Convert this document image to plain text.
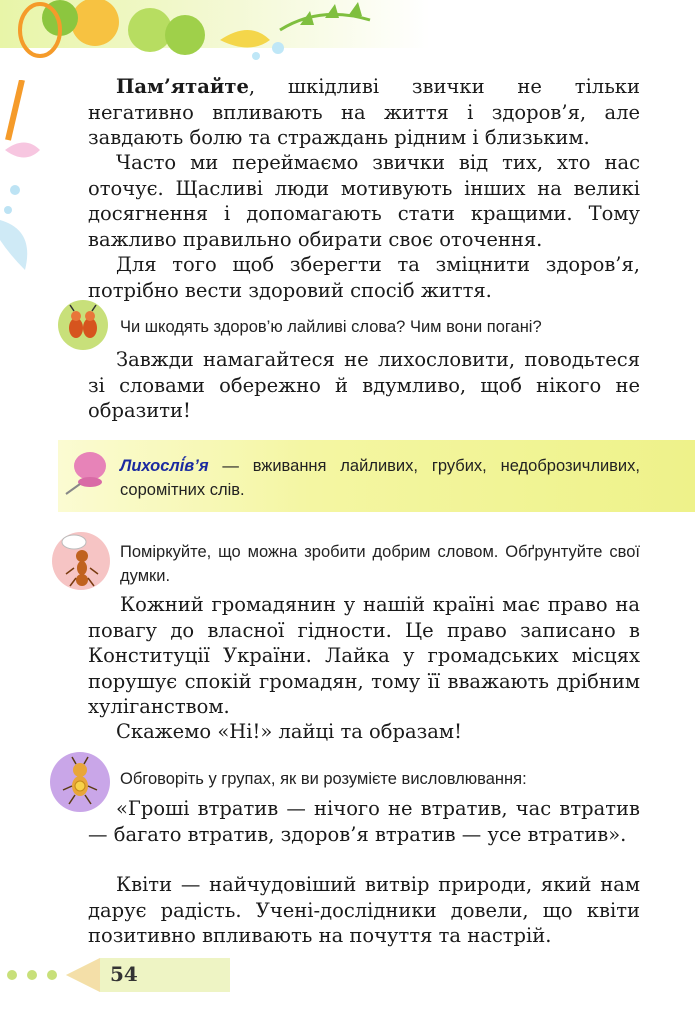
Пам’ятайте, шкідливі звички не тільки негативно впливають на життя і здоров’я, але завдають болю та страждань рідним і близьким.

Часто ми переймаємо звички від тих, хто нас оточує. Щасливі люди мотивують інших на великі досягнення і допомагають стати кращими. Тому важливо правильно обирати своє оточення.

Для того щоб зберегти та зміцнити здоров’я, потрібно вести здоровий спосіб життя.

Чи шкодять здоров’ю лайливі слова? Чим вони погані?

Завжди намагайтеся не лихословити, поводьтеся зі словами обережно й вдумливо, щоб нікого не образити!

Лихослі́в’я — вживання лайливих, грубих, недоброзичливих, соромітних слів.

Поміркуйте, що можна зробити добрим словом. Обґрунтуйте свої думки.

Кожний громадянин у нашій країні має право на повагу до власної гідности. Це право записано в Конституції України. Лайка у громадських місцях порушує спокій громадян, тому її вважають дрібним хуліганством.

Скажемо «Ні!» лайці та образам!

Обговоріть у групах, як ви розумієте висловлювання:

«Гроші втратив — нічого не втратив, час втратив — багато втратив, здоров’я втратив — усе втратив».

Квіти — найчудовіший витвір природи, який нам дарує радість. Учені-дослідники довели, що квіти позитивно впливають на почуття та настрій.

54
